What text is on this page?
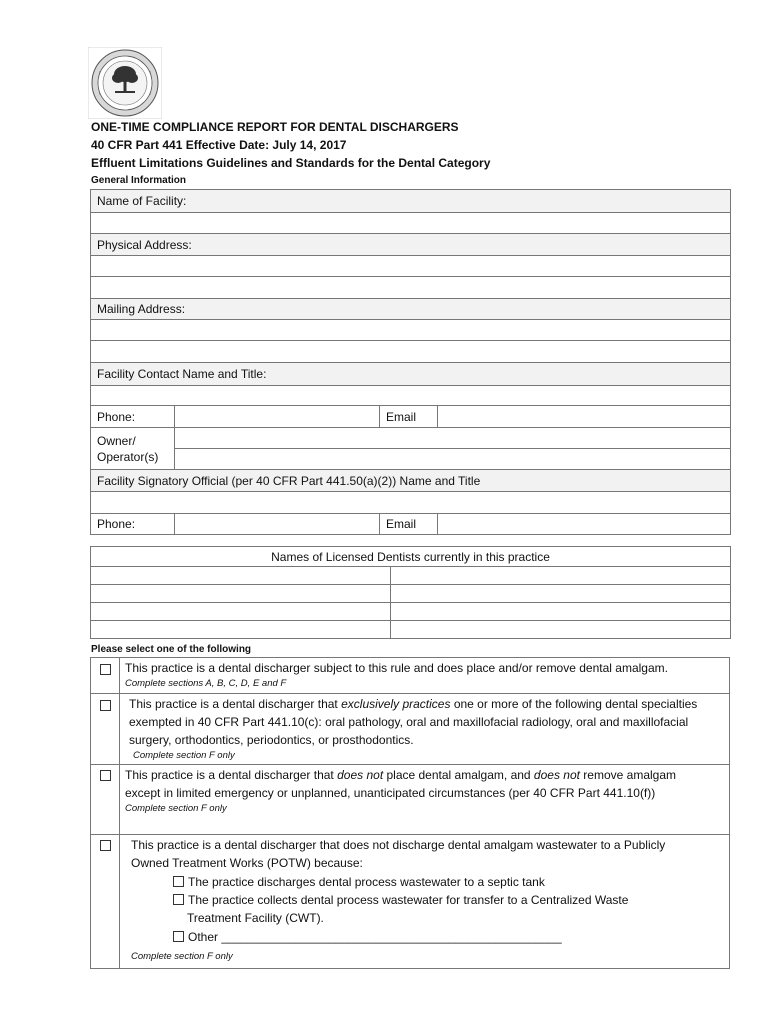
ONE-TIME COMPLIANCE REPORT FOR DENTAL DISCHARGERS
40 CFR Part 441 Effective Date: July 14, 2017
Effluent Limitations Guidelines and Standards for the Dental Category
General Information
Name of Facility:			

Physical Address:			

Mailing Address:			

Facility Contact Name and Title:			

Phone:		Email	
Owner/
Operator(s)			

Facility Signatory Official (per 40 CFR Part 441.50(a)(2)) Name and Title			

Phone:		Email	
Names of Licensed Dentists currently in this practice	

Please select one of the following
This practice is a dental discharger subject to this rule and does place and/or remove dental amalgam.
Complete sections A, B, C, D, E and F
This practice is a dental discharger that exclusively practices one or more of the following dental specialties exempted in 40 CFR Part 441.10(c): oral pathology, oral and maxillofacial radiology, oral and maxillofacial surgery, orthodontics, periodontics, or prosthodontics.
Complete section F only
This practice is a dental discharger that does not place dental amalgam, and does not remove amalgam except in limited emergency or unplanned, unanticipated circumstances (per 40 CFR Part 441.10(f))
Complete section F only
This practice is a dental discharger that does not discharge dental amalgam wastewater to a Publicly Owned Treatment Works (POTW) because:
The practice discharges dental process wastewater to a septic tank
The practice collects dental process wastewater for transfer to a Centralized Waste
Treatment Facility (CWT).
Other ___________________________________________________
Complete section F only
